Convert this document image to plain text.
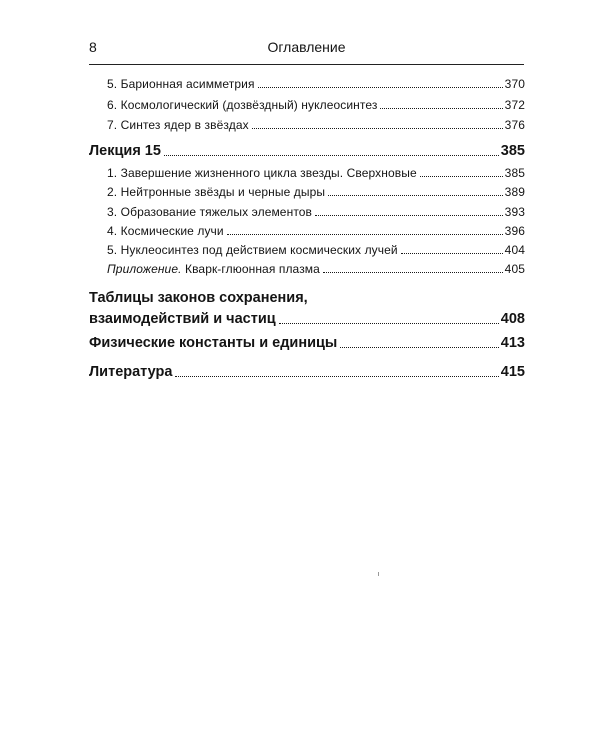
8	Оглавление
5. Барионная асимметрия	370
6. Космологический (дозвёздный) нуклеосинтез	372
7. Синтез ядер в звёздах	376
Лекция 15	385
1. Завершение жизненного цикла звезды. Сверхновые	385
2. Нейтронные звёзды и черные дыры	389
3. Образование тяжелых элементов	393
4. Космические лучи	396
5. Нуклеосинтез под действием космических лучей	404
Приложение. Кварк-глюонная плазма	405
Таблицы законов сохранения,
взаимодействий и частиц	408
Физические константы и единицы	413
Литература	415
